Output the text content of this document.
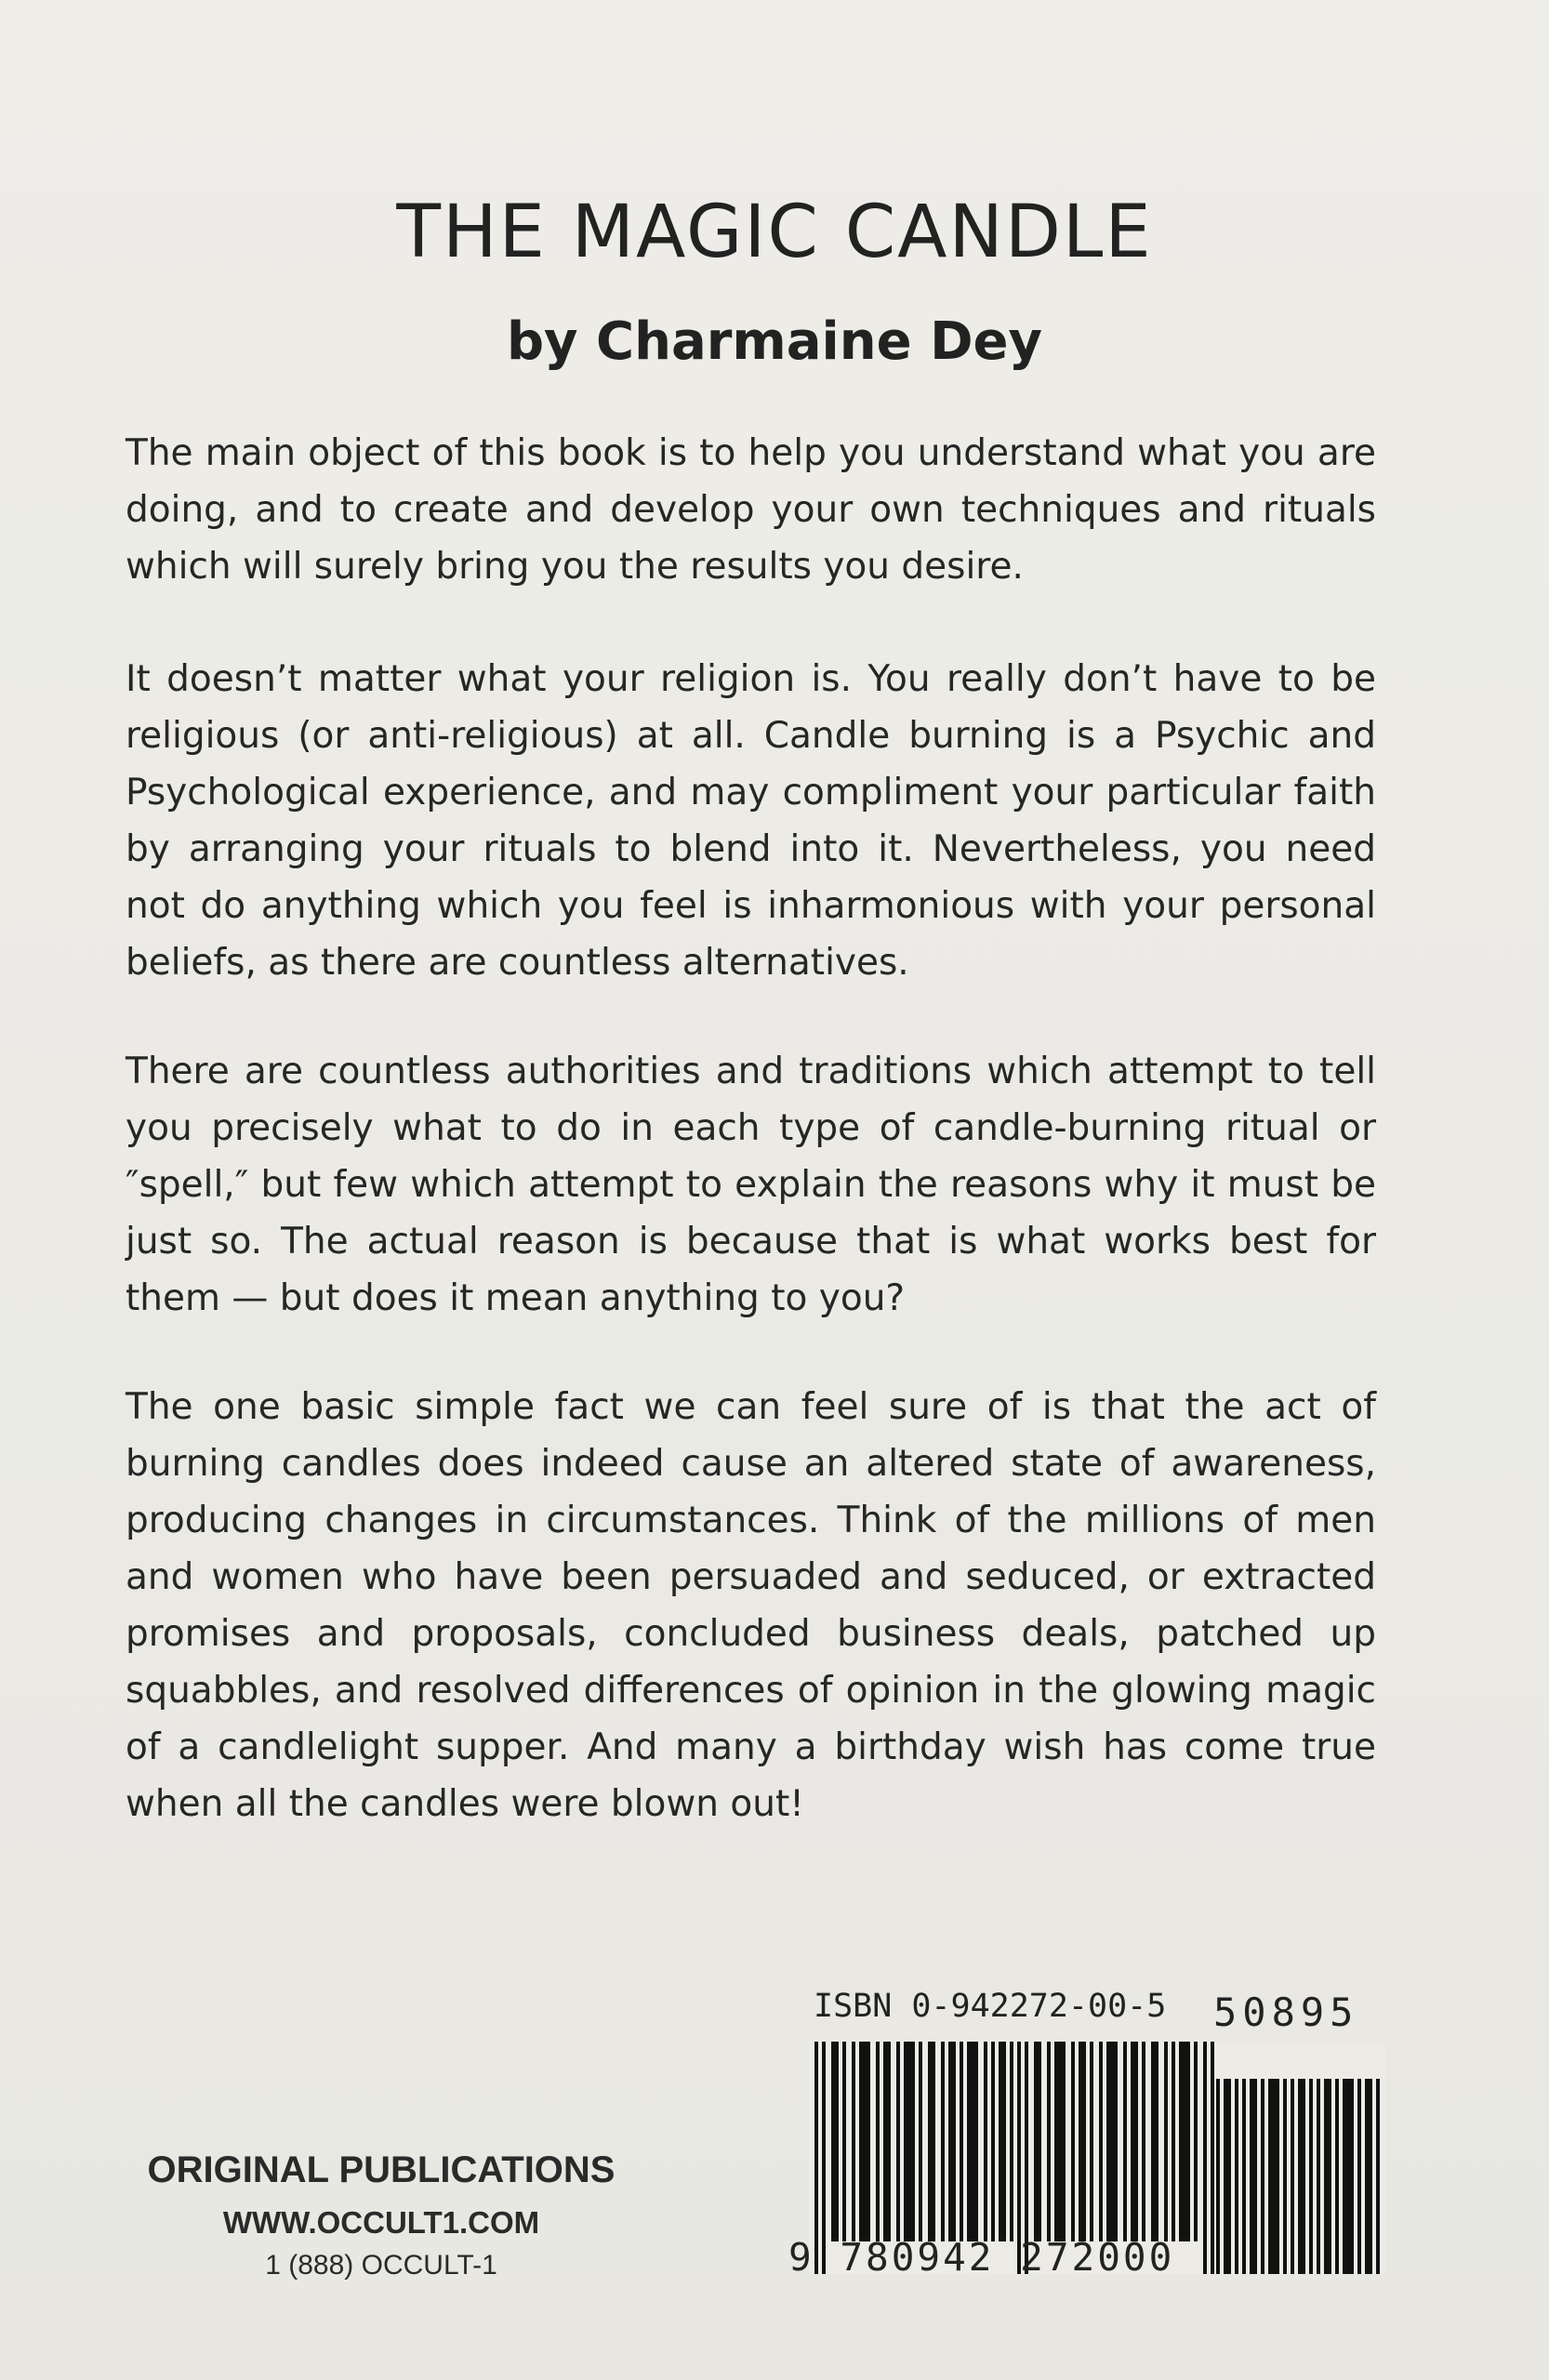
THE MAGIC CANDLE
by Charmaine Dey

The main object of this book is to help you understand what you are doing, and to create and develop your own techniques and rituals which will surely bring you the results you desire.

It doesn’t matter what your religion is. You really don’t have to be religious (or anti-religious) at all. Candle burning is a Psychic and Psychological experience, and may compliment your particular faith by arranging your rituals to blend into it. Nevertheless, you need not do anything which you feel is inharmonious with your personal beliefs, as there are countless alternatives.

There are countless authorities and traditions which attempt to tell you precisely what to do in each type of candle-burning ritual or ″spell,″ but few which attempt to explain the reasons why it must be just so. The actual reason is because that is what works best for them — but does it mean anything to you?

The one basic simple fact we can feel sure of is that the act of burning candles does indeed cause an altered state of awareness, producing changes in circumstances. Think of the millions of men and women who have been persuaded and seduced, or extracted promises and proposals, concluded business deals, patched up squabbles, and resolved differences of opinion in the glowing magic of a candlelight supper. And many a birthday wish has come true when all the candles were blown out!

ORIGINAL PUBLICATIONS
WWW.OCCULT1.COM
1 (888) OCCULT-1
ISBN 0-942272-00-5 50895
9 780942 272000
